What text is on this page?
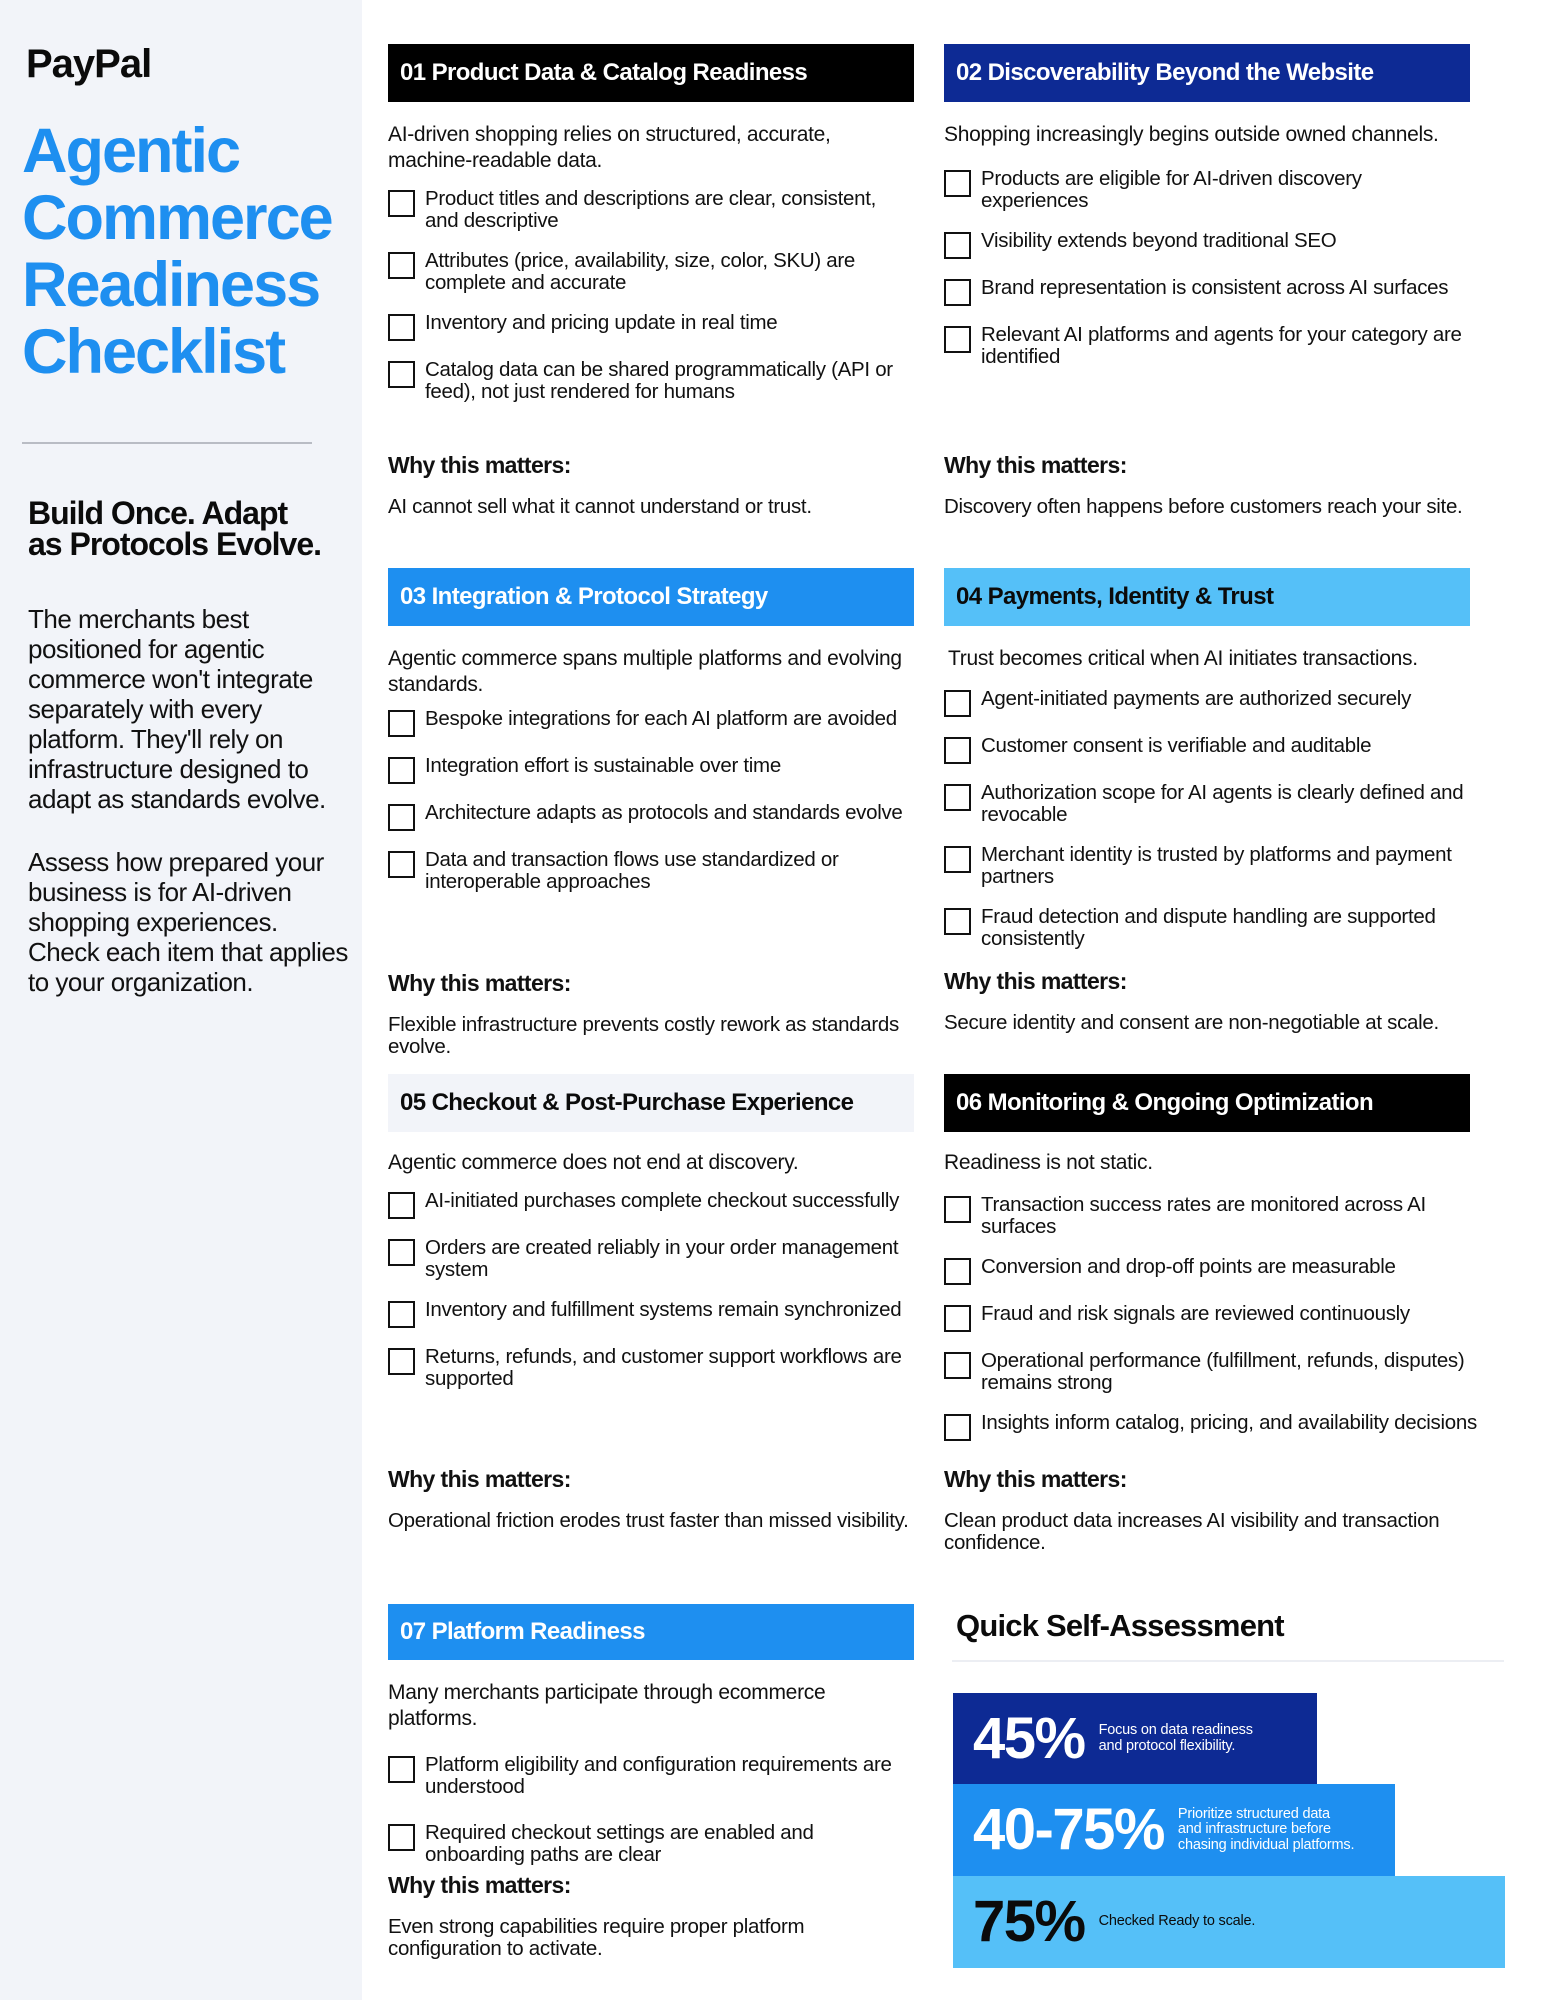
PayPal
Agentic
Commerce
Readiness
Checklist
Build Once. Adapt
as Protocols Evolve.
The merchants best positioned for agentic commerce won't integrate separately with every platform. They'll rely on infrastructure designed to adapt as standards evolve.
Assess how prepared your business is for AI-driven shopping experiences. Check each item that applies to your organization.
01 Product Data & Catalog Readiness
AI-driven shopping relies on structured, accurate, machine-readable data.
Product titles and descriptions are clear, consistent, and descriptive
Attributes (price, availability, size, color, SKU) are complete and accurate
Inventory and pricing update in real time
Catalog data can be shared programmatically (API or feed), not just rendered for humans
Why this matters:
AI cannot sell what it cannot understand or trust.
02 Discoverability Beyond the Website
Shopping increasingly begins outside owned channels.
Products are eligible for AI-driven discovery experiences
Visibility extends beyond traditional SEO
Brand representation is consistent across AI surfaces
Relevant AI platforms and agents for your category are identified
Why this matters:
Discovery often happens before customers reach your site.
03 Integration & Protocol Strategy
Agentic commerce spans multiple platforms and evolving standards.
Bespoke integrations for each AI platform are avoided
Integration effort is sustainable over time
Architecture adapts as protocols and standards evolve
Data and transaction flows use standardized or interoperable approaches
Why this matters:
Flexible infrastructure prevents costly rework as standards evolve.
04 Payments, Identity & Trust
Trust becomes critical when AI initiates transactions.
Agent-initiated payments are authorized securely
Customer consent is verifiable and auditable
Authorization scope for AI agents is clearly defined and revocable
Merchant identity is trusted by platforms and payment partners
Fraud detection and dispute handling are supported consistently
Why this matters:
Secure identity and consent are non-negotiable at scale.
05 Checkout & Post-Purchase Experience
Agentic commerce does not end at discovery.
AI-initiated purchases complete checkout successfully
Orders are created reliably in your order management system
Inventory and fulfillment systems remain synchronized
Returns, refunds, and customer support workflows are supported
Why this matters:
Operational friction erodes trust faster than missed visibility.
06 Monitoring & Ongoing Optimization
Readiness is not static.
Transaction success rates are monitored across AI surfaces
Conversion and drop-off points are measurable
Fraud and risk signals are reviewed continuously
Operational performance (fulfillment, refunds, disputes) remains strong
Insights inform catalog, pricing, and availability decisions
Why this matters:
Clean product data increases AI visibility and transaction confidence.
07 Platform Readiness
Many merchants participate through ecommerce platforms.
Platform eligibility and configuration requirements are understood
Required checkout settings are enabled and onboarding paths are clear
Why this matters:
Even strong capabilities require proper platform configuration to activate.
Quick Self-Assessment
45% Focus on data readiness
and protocol flexibility.
40-75% Prioritize structured data
and infrastructure before
chasing individual platforms.
75% Checked Ready to scale.
